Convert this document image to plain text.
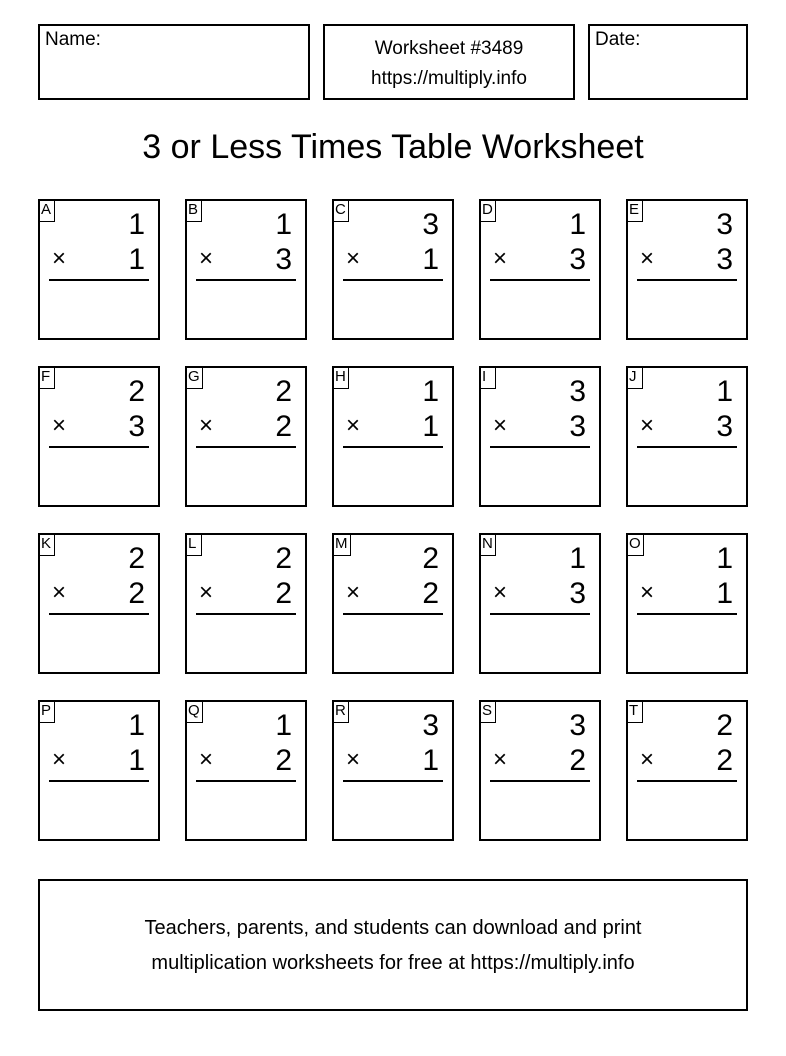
Name:	Worksheet #3489
https://multiply.info
Date:
3 or Less Times Table Worksheet
A	1
× 1
B	1
× 3
C	3
× 1
D	1
× 3
E	3
× 3
F	2
× 3
G	2
× 2
H	1
× 1
I	3
× 3
J	1
× 3
K	2
× 2
L	2
× 2
M 2
× 2
N	1
× 3
O	1
× 1
P	1
× 1
Q	1
× 2
R	3
× 1
S	3
× 2
T	2
× 2
Teachers, parents, and students can download and print
multiplication worksheets for free at https://multiply.info
